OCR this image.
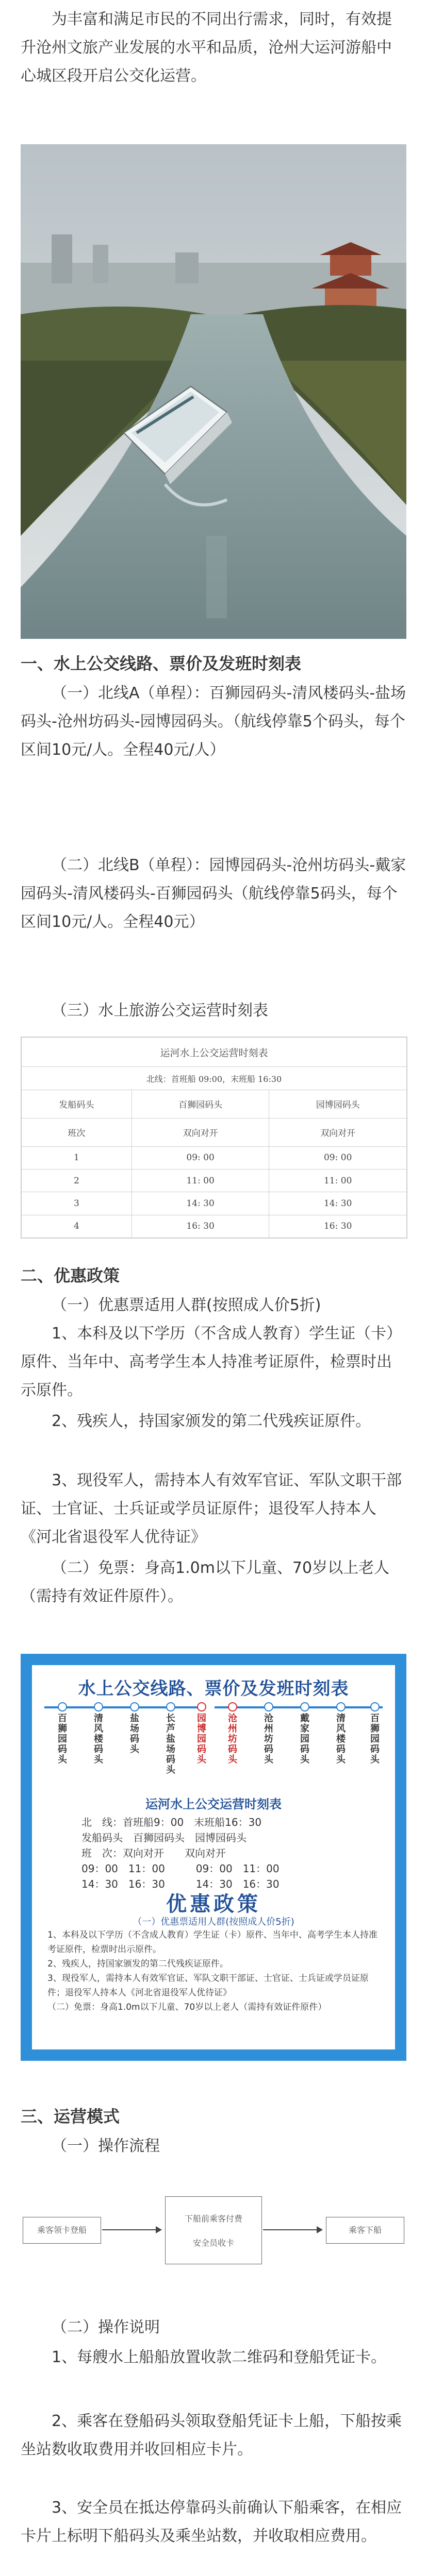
为丰富和满足市民的不同出行需求，同时，有效提升沧州文旅产业发展的水平和品质，沧州大运河游船中心城区段开启公交化运营。
一、水上公交线路、票价及发班时刻表
（一）北线A（单程）：百狮园码头-清风楼码头-盐场码头-沧州坊码头-园博园码头。（航线停靠5个码头，每个区间10元/人。全程40元/人）
（二）北线B（单程）：园博园码头-沧州坊码头-戴家园码头-清风楼码头-百狮园码头（航线停靠5码头，每个区间10元/人。全程40元）
（三）水上旅游公交运营时刻表
运河水上公交运营时刻表		
北线：首班船 09:00，末班船 16:30		
发船码头	百狮园码头	园博园码头
班次	双向对开	双向对开
1	09: 00	09: 00
2	11: 00	11: 00
3	14: 30	14: 30
4	16: 30	16: 30
二、优惠政策
（一）优惠票适用人群(按照成人价5折)
1、本科及以下学历（不含成人教育）学生证（卡）原件、当年中、高考学生本人持准考证原件，检票时出示原件。
2、残疾人，持国家颁发的第二代残疾证原件。
3、现役军人，需持本人有效军官证、军队文职干部证、士官证、士兵证或学员证原件；退役军人持本人《河北省退役军人优待证》
（二）免票：身高1.0m以下儿童、70岁以上老人（需持有效证件原件）。
水上公交线路、票价及发班时刻表
百狮园码头
清风楼码头
盐场码头
长芦盐场码头
园博园码头
沧州坊码头
沧州坊码头
戴家园码头
清风楼码头
百狮园码头
运河水上公交运营时刻表
北　线：首班船9：00　末班船16：30
发船码头　百狮园码头　园博园码头
班　次：双向对开　　双向对开
09：00　11：00　　　09：00　11：00
14：30　16：30　　　14：30　16：30
优惠政策
（一）优惠票适用人群(按照成人价5折)
1、本科及以下学历（不含成人教育）学生证（卡）原件、当年中、高考学生本人持准考证原件，检票时出示原件。
2、残疾人，持国家颁发的第二代残疾证原件。
3、现役军人，需持本人有效军官证、军队文职干部证、士官证、士兵证或学员证原件；退役军人持本人《河北省退役军人优待证》
（二）免票：身高1.0m以下儿童、70岁以上老人（需持有效证件原件）
三、运营模式
（一）操作流程
乘客领卡登船
下船前乘客付费
安全员收卡
乘客下船
（二）操作说明
1、每艘水上船船放置收款二维码和登船凭证卡。
2、乘客在登船码头领取登船凭证卡上船，下船按乘坐站数收取费用并收回相应卡片。
3、安全员在抵达停靠码头前确认下船乘客，在相应卡片上标明下船码头及乘坐站数，并收取相应费用。
